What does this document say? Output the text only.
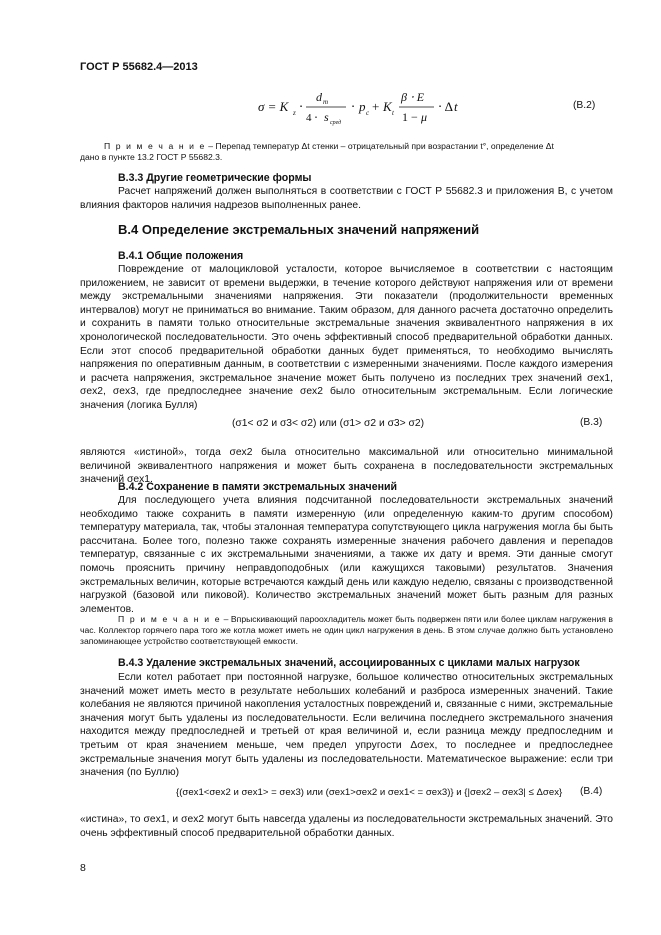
ГОСТ Р 55682.4—2013
σ = K z ⋅
d m
4 ⋅ s сред
⋅ p c + K t
β ⋅ E
1 − μ
⋅ Δ t	(В.2)
П р и м е ч а н и е – Перепад температур Δt стенки – отрицательный при возрастании t°, определение Δt
дано в пункте 13.2 ГОСТ Р 55682.3.
В.3.3 Другие геометрические формы
Расчет напряжений должен выполняться в соответствии с ГОСТ Р 55682.3 и приложения В, с учетом влияния факторов наличия надрезов выполненных ранее.
В.4 Определение экстремальных значений напряжений
В.4.1 Общие положения
Повреждение от малоцикловой усталости, которое вычисляемое в соответствии с настоящим приложением, не зависит от времени выдержки, в течение которого действуют напряжения или от времени между экстремальными значениями напряжения. Эти показатели (продолжительности временных интервалов) могут не приниматься во внимание. Таким образом, для данного расчета достаточно определить и сохранить в памяти только относительные экстремальные значения эквивалентного напряжения в их хронологической последовательности. Это очень эффективный способ предварительной обработки данных. Если этот способ предварительной обработки данных будет применяться, то необходимо вычислять напряжения по оперативным данным, в соответствии с измеренными значениями. После каждого измерения и расчета напряжения, экстремальное значение может быть получено из последних трех значений σex1, σex2, σex3, где предпоследнее значение σex2 было относительным экстремальным. Если логические значения (логика Булля)
(σ1< σ2 и σ3< σ2) или (σ1> σ2 и σ3> σ2)	(В.3)
являются «истиной», тогда σex2 была относительно максимальной или относительно минимальной величиной эквивалентного напряжения и может быть сохранена в последовательности экстремальных значений σex1.
В.4.2 Сохранение в памяти экстремальных значений
Для последующего учета влияния подсчитанной последовательности экстремальных значений необходимо также сохранить в памяти измеренную (или определенную каким-то другим способом) температуру материала, так, чтобы эталонная температура сопутствующего цикла нагружения могла бы быть рассчитана. Более того, полезно также сохранять измеренные значения рабочего давления и перепадов температур, связанные с их экстремальными значениями, а также их дату и время. Эти данные смогут помочь прояснить причину неправдоподобных (или кажущихся таковыми) результатов. Значения экстремальных величин, которые встречаются каждый день или каждую неделю, связаны с производственной нагрузкой (базовой или пиковой). Количество экстремальных значений может быть разным для разных элементов.
П р и м е ч а н и е – Впрыскивающий пароохладитель может быть подвержен пяти или более циклам нагружения в час. Коллектор горячего пара того же котла может иметь не один цикл нагружения в день. В этом случае должно быть установлено запоминающее устройство соответствующей емкости.
В.4.3 Удаление экстремальных значений, ассоциированных с циклами малых нагрузок
Если котел работает при постоянной нагрузке, большое количество относительных экстремальных значений может иметь место в результате небольших колебаний и разброса измеренных значений. Такие колебания не являются причиной накопления усталостных повреждений и, связанные с ними, экстремальные значения могут быть удалены из последовательности. Если величина последнего экстремального значения находится между предпоследней и третьей от края величиной и, если разница между предпоследним и третьим от края значением меньше, чем предел упругости Δσex, то последнее и предпоследнее экстремальные значения могут быть удалены из последовательности. Математическое выражение: если три значения (по Буллю)
{(σex1<σex2 и σex1> = σex3) или (σex1>σex2 и σex1< = σex3)} и {|σex2 – σex3| ≤ Δσex} (В.4)
«истина», то σex1, и σex2 могут быть навсегда удалены из последовательности экстремальных значений. Это очень эффективный способ предварительной обработки данных.
8
